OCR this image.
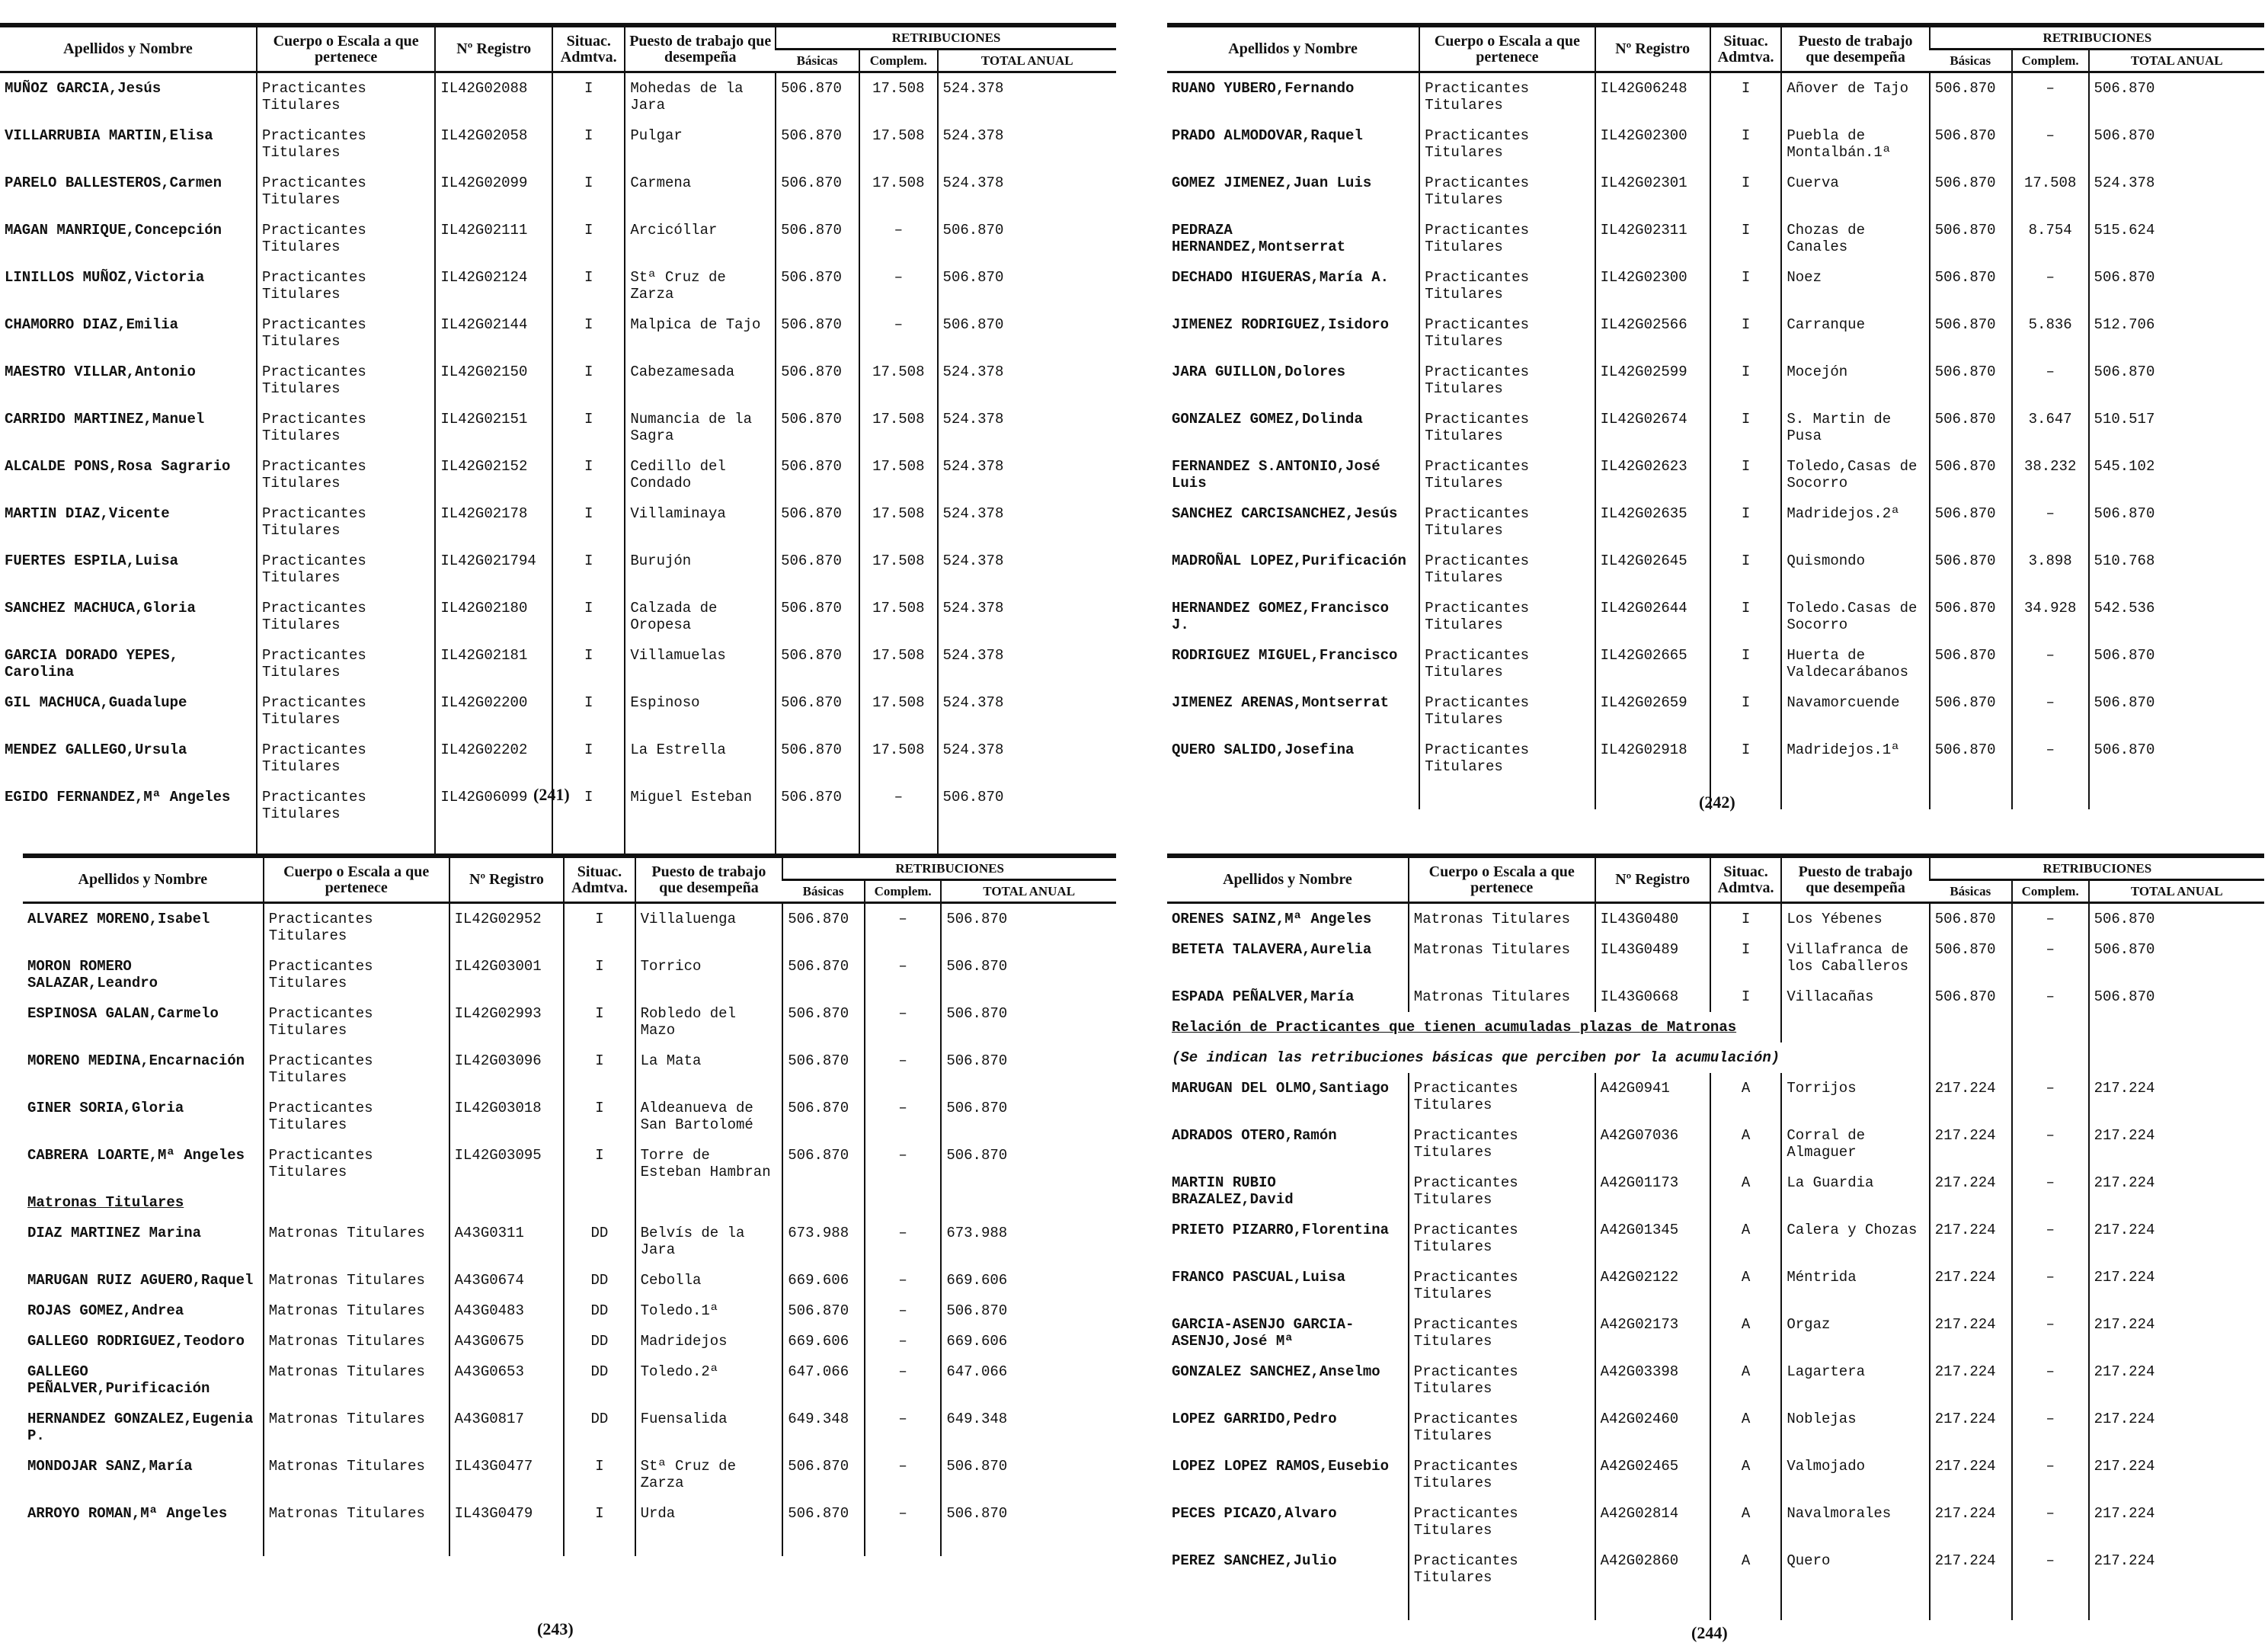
Apellidos y Nombre	Cuerpo o Escala a que pertenece	Nº Registro	Situac. Admtva.	Puesto de trabajo que desempeña	RETRIBUCIONES		
					Básicas	Complem.	TOTAL ANUAL
MUÑOZ GARCIA,Jesús	Practicantes Titulares	IL42G02088	I	Mohedas de la Jara	506.870	17.508	524.378
VILLARRUBIA MARTIN,Elisa	Practicantes Titulares	IL42G02058	I	Pulgar	506.870	17.508	524.378
PARELO BALLESTEROS,Carmen	Practicantes Titulares	IL42G02099	I	Carmena	506.870	17.508	524.378
MAGAN MANRIQUE,Concepción	Practicantes Titulares	IL42G02111	I	Arcicóllar	506.870	–	506.870
LINILLOS MUÑOZ,Victoria	Practicantes Titulares	IL42G02124	I	Stª Cruz de Zarza	506.870	–	506.870
CHAMORRO DIAZ,Emilia	Practicantes Titulares	IL42G02144	I	Malpica de Tajo	506.870	–	506.870
MAESTRO VILLAR,Antonio	Practicantes Titulares	IL42G02150	I	Cabezamesada	506.870	17.508	524.378
CARRIDO MARTINEZ,Manuel	Practicantes Titulares	IL42G02151	I	Numancia de la Sagra	506.870	17.508	524.378
ALCALDE PONS,Rosa Sagrario	Practicantes Titulares	IL42G02152	I	Cedillo del Condado	506.870	17.508	524.378
MARTIN DIAZ,Vicente	Practicantes Titulares	IL42G02178	I	Villaminaya	506.870	17.508	524.378
FUERTES ESPILA,Luisa	Practicantes Titulares	IL42G021794	I	Burujón	506.870	17.508	524.378
SANCHEZ MACHUCA,Gloria	Practicantes Titulares	IL42G02180	I	Calzada de Oropesa	506.870	17.508	524.378
GARCIA DORADO YEPES, Carolina	Practicantes Titulares	IL42G02181	I	Villamuelas	506.870	17.508	524.378
GIL MACHUCA,Guadalupe	Practicantes Titulares	IL42G02200	I	Espinoso	506.870	17.508	524.378
MENDEZ GALLEGO,Ursula	Practicantes Titulares	IL42G02202	I	La Estrella	506.870	17.508	524.378
EGIDO FERNANDEZ,Mª Angeles	Practicantes Titulares	IL42G06099	I	Miguel Esteban	506.870	–	506.870

(241)
Apellidos y Nombre	Cuerpo o Escala a que pertenece	Nº Registro	Situac. Admtva.	Puesto de trabajo que desempeña	RETRIBUCIONES		
					Básicas	Complem.	TOTAL ANUAL
RUANO YUBERO,Fernando	Practicantes Titulares	IL42G06248	I	Añover de Tajo	506.870	–	506.870
PRADO ALMODOVAR,Raquel	Practicantes Titulares	IL42G02300	I	Puebla de Montalbán.1ª	506.870	–	506.870
GOMEZ JIMENEZ,Juan Luis	Practicantes Titulares	IL42G02301	I	Cuerva	506.870	17.508	524.378
PEDRAZA HERNANDEZ,Montserrat	Practicantes Titulares	IL42G02311	I	Chozas de Canales	506.870	8.754	515.624
DECHADO HIGUERAS,María A.	Practicantes Titulares	IL42G02300	I	Noez	506.870	–	506.870
JIMENEZ RODRIGUEZ,Isidoro	Practicantes Titulares	IL42G02566	I	Carranque	506.870	5.836	512.706
JARA GUILLON,Dolores	Practicantes Titulares	IL42G02599	I	Mocejón	506.870	–	506.870
GONZALEZ GOMEZ,Dolinda	Practicantes Titulares	IL42G02674	I	S. Martin de Pusa	506.870	3.647	510.517
FERNANDEZ S.ANTONIO,José Luis	Practicantes Titulares	IL42G02623	I	Toledo,Casas de Socorro	506.870	38.232	545.102
SANCHEZ CARCISANCHEZ,Jesús	Practicantes Titulares	IL42G02635	I	Madridejos.2ª	506.870	–	506.870
MADROÑAL LOPEZ,Purificación	Practicantes Titulares	IL42G02645	I	Quismondo	506.870	3.898	510.768
HERNANDEZ GOMEZ,Francisco J.	Practicantes Titulares	IL42G02644	I	Toledo.Casas de Socorro	506.870	34.928	542.536
RODRIGUEZ MIGUEL,Francisco	Practicantes Titulares	IL42G02665	I	Huerta de Valdecarábanos	506.870	–	506.870
JIMENEZ ARENAS,Montserrat	Practicantes Titulares	IL42G02659	I	Navamorcuende	506.870	–	506.870
QUERO SALIDO,Josefina	Practicantes Titulares	IL42G02918	I	Madridejos.1ª	506.870	–	506.870

(242)
Apellidos y Nombre	Cuerpo o Escala a que pertenece	Nº Registro	Situac. Admtva.	Puesto de trabajo que desempeña	RETRIBUCIONES		
					Básicas	Complem.	TOTAL ANUAL
ALVAREZ MORENO,Isabel	Practicantes Titulares	IL42G02952	I	Villaluenga	506.870	–	506.870
MORON ROMERO SALAZAR,Leandro	Practicantes Titulares	IL42G03001	I	Torrico	506.870	–	506.870
ESPINOSA GALAN,Carmelo	Practicantes Titulares	IL42G02993	I	Robledo del Mazo	506.870	–	506.870
MORENO MEDINA,Encarnación	Practicantes Titulares	IL42G03096	I	La Mata	506.870	–	506.870
GINER SORIA,Gloria	Practicantes Titulares	IL42G03018	I	Aldeanueva de San Bartolomé	506.870	–	506.870
CABRERA LOARTE,Mª Angeles	Practicantes Titulares	IL42G03095	I	Torre de Esteban Hambran	506.870	–	506.870
Matronas Titulares							
DIAZ MARTINEZ Marina	Matronas Titulares	A43G0311	DD	Belvís de la Jara	673.988	–	673.988
MARUGAN RUIZ AGUERO,Raquel	Matronas Titulares	A43G0674	DD	Cebolla	669.606	–	669.606
ROJAS GOMEZ,Andrea	Matronas Titulares	A43G0483	DD	Toledo.1ª	506.870	–	506.870
GALLEGO RODRIGUEZ,Teodoro	Matronas Titulares	A43G0675	DD	Madridejos	669.606	–	669.606
GALLEGO PEÑALVER,Purificación	Matronas Titulares	A43G0653	DD	Toledo.2ª	647.066	–	647.066
HERNANDEZ GONZALEZ,Eugenia P.	Matronas Titulares	A43G0817	DD	Fuensalida	649.348	–	649.348
MONDOJAR SANZ,María	Matronas Titulares	IL43G0477	I	Stª Cruz de Zarza	506.870	–	506.870
ARROYO ROMAN,Mª Angeles	Matronas Titulares	IL43G0479	I	Urda	506.870	–	506.870

(243)
Apellidos y Nombre	Cuerpo o Escala a que pertenece	Nº Registro	Situac. Admtva.	Puesto de trabajo que desempeña	RETRIBUCIONES		
					Básicas	Complem.	TOTAL ANUAL
ORENES SAINZ,Mª Angeles	Matronas Titulares	IL43G0480	I	Los Yébenes	506.870	–	506.870
BETETA TALAVERA,Aurelia	Matronas Titulares	IL43G0489	I	Villafranca de los Caballeros	506.870	–	506.870
ESPADA PEÑALVER,María	Matronas Titulares	IL43G0668	I	Villacañas	506.870	–	506.870
Relación de Practicantes que tienen acumuladas plazas de Matronas							
(Se indican las retribuciones básicas que perciben por la acumulación)							
MARUGAN DEL OLMO,Santiago	Practicantes Titulares	A42G0941	A	Torrijos	217.224	–	217.224
ADRADOS OTERO,Ramón	Practicantes Titulares	A42G07036	A	Corral de Almaguer	217.224	–	217.224
MARTIN RUBIO BRAZALEZ,David	Practicantes Titulares	A42G01173	A	La Guardia	217.224	–	217.224
PRIETO PIZARRO,Florentina	Practicantes Titulares	A42G01345	A	Calera y Chozas	217.224	–	217.224
FRANCO PASCUAL,Luisa	Practicantes Titulares	A42G02122	A	Méntrida	217.224	–	217.224
GARCIA-ASENJO GARCIA-ASENJO,José Mª	Practicantes Titulares	A42G02173	A	Orgaz	217.224	–	217.224
GONZALEZ SANCHEZ,Anselmo	Practicantes Titulares	A42G03398	A	Lagartera	217.224	–	217.224
LOPEZ GARRIDO,Pedro	Practicantes Titulares	A42G02460	A	Noblejas	217.224	–	217.224
LOPEZ LOPEZ RAMOS,Eusebio	Practicantes Titulares	A42G02465	A	Valmojado	217.224	–	217.224
PECES PICAZO,Alvaro	Practicantes Titulares	A42G02814	A	Navalmorales	217.224	–	217.224
PEREZ SANCHEZ,Julio	Practicantes Titulares	A42G02860	A	Quero	217.224	–	217.224

(244)
